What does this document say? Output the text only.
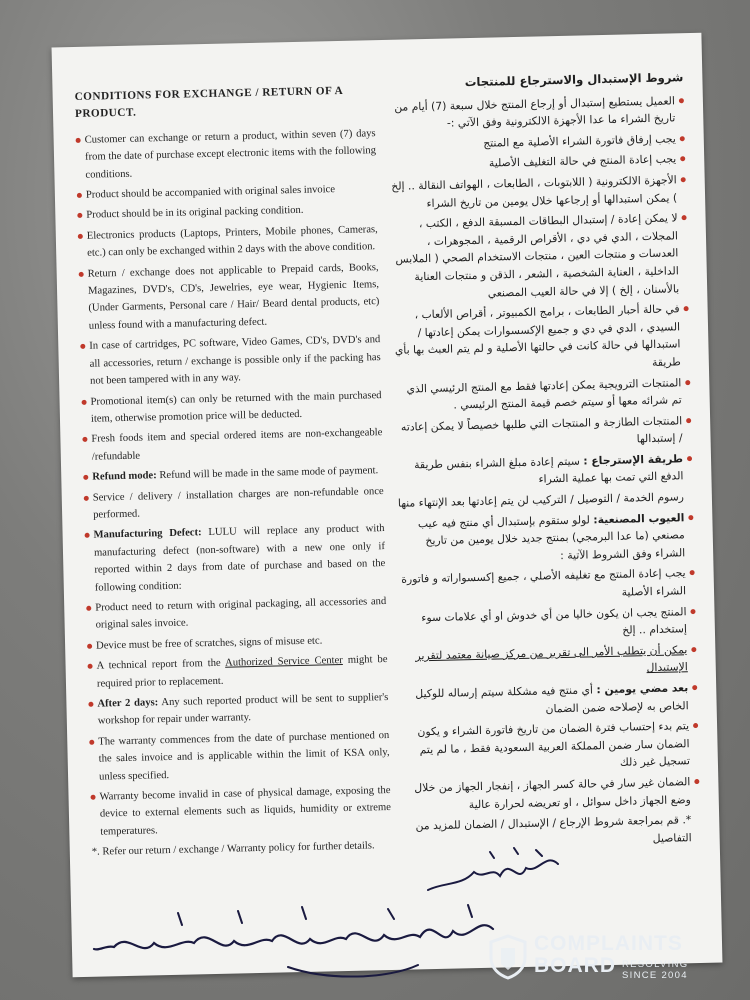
CONDITIONS FOR EXCHANGE / RETURN OF A PRODUCT.
Customer can exchange or return a product, within seven (7) days from the date of purchase except electronic items with the following conditions.
Product should be accompanied with original sales invoice
Product should be in its original packing condition.
Electronics products (Laptops, Printers, Mobile phones, Cameras, etc.) can only be exchanged within 2 days with the above condition.
Return / exchange does not applicable to Prepaid cards, Books, Magazines, DVD's, CD's, Jewelries, eye wear, Hygienic Items, (Under Garments, Personal care / Hair/ Beard dental products, etc) unless found with a manufacturing defect.
In case of cartridges, PC software, Video Games, CD's, DVD's and all accessories, return / exchange is possible only if the packing has not been tampered with in any way.
Promotional item(s) can only be returned with the main purchased item, otherwise promotion price will be deducted.
Fresh foods item and special ordered items are non-exchangeable /refundable
Refund mode: Refund will be made in the same mode of payment.
Service / delivery / installation charges are non-refundable once performed.
Manufacturing Defect: LULU will replace any product with manufacturing defect (non-software) with a new one only if reported within 2 days from date of purchase and based on the following condition:
Product need to return with original packaging, all accessories and original sales invoice.
Device must be free of scratches, signs of misuse etc.
A technical report from the Authorized Service Center might be required prior to replacement.
After 2 days: Any such reported product will be sent to supplier's workshop for repair under warranty.
The warranty commences from the date of purchase mentioned on the sales invoice and is applicable within the limit of KSA only, unless specified.
Warranty become invalid in case of physical damage, exposing the device to external elements such as liquids, humidity or extreme temperatures.
*. Refer our return / exchange / Warranty policy for further details.
شروط الإستبدال والاسترجاع للمنتجات
العميل يستطيع إستبدال أو إرجاع المنتج خلال سبعة (7) أيام من تاريخ الشراء ما عدا الأجهزة الالكترونية وفق الآتي :-
يجب إرفاق فاتورة الشراء الأصلية مع المنتج
يجب إعادة المنتج في حالة التغليف الأصلية
الأجهزة الالكترونية ( اللابتوبات ، الطابعات ، الهواتف النقالة .. إلخ ) يمكن استبدالها أو إرجاعها خلال يومين من تاريخ الشراء
لا يمكن إعادة / إستبدال البطاقات المسبقة الدفع ، الكتب ، المجلات ، الدي في دي ، الأقراص الرقمية ، المجوهرات ، العدسات و منتجات العين ، منتجات الاستخدام الصحي ( الملابس الداخلية ، العناية الشخصية ، الشعر ، الذقن و منتجات العناية بالأسنان ، إلخ ) إلا في حالة العيب المصنعي
في حالة أحبار الطابعات ، برامج الكمبيوتر ، أقراص الألعاب ، السيدي ، الدي في دي و جميع الإكسسوارات يمكن إعادتها / استبدالها في حالة كانت في حالتها الأصلية و لم يتم العبث بها بأي طريقة
المنتجات الترويجية يمكن إعادتها فقط مع المنتج الرئيسي الذي تم شرائه معها أو سيتم خصم قيمة المنتج الرئيسي .
المنتجات الطازجة و المنتجات التي طلبها خصيصاً لا يمكن إعادته / إستبدالها
طريقة الإسترجاع : سيتم إعادة مبلغ الشراء بنفس طريقة الدفع التي تمت بها عملية الشراء
رسوم الخدمة / التوصيل / التركيب لن يتم إعادتها بعد الإنتهاء منها
العيوب المصنعية: لولو ستقوم بإستبدال أي منتج فيه عيب مصنعي (ما عدا البرمجي) بمنتج جديد خلال يومين من تاريخ الشراء وفق الشروط الآتية :
يجب إعادة المنتج مع تغليفه الأصلي ، جميع إكسسواراته و فاتورة الشراء الأصلية
المنتج يجب ان يكون خاليا من أي خدوش او أي علامات سوء إستخدام .. إلخ
يمكن أن يتطلب الأمر الى تقرير من مركز صيانة معتمد لتقرير الإستبدال
بعد مضي يومين : أي منتج فيه مشكلة سيتم إرساله للوكيل الخاص به لإصلاحه ضمن الضمان
يتم بدء إحتساب فترة الضمان من تاريخ فاتورة الشراء و يكون الضمان سار ضمن المملكة العربية السعودية فقط ، ما لم يتم تسجيل غير ذلك
الضمان غير سار في حالة كسر الجهاز ، إنفجار الجهاز من خلال وضع الجهاز داخل سوائل ، او تعريضه لحرارة عالية
*. قم بمراجعة شروط الإرجاع / الإستبدال / الضمان للمزيد من التفاصيل
COMPLAINTS
BOARD RESOLVING
SINCE 2004
